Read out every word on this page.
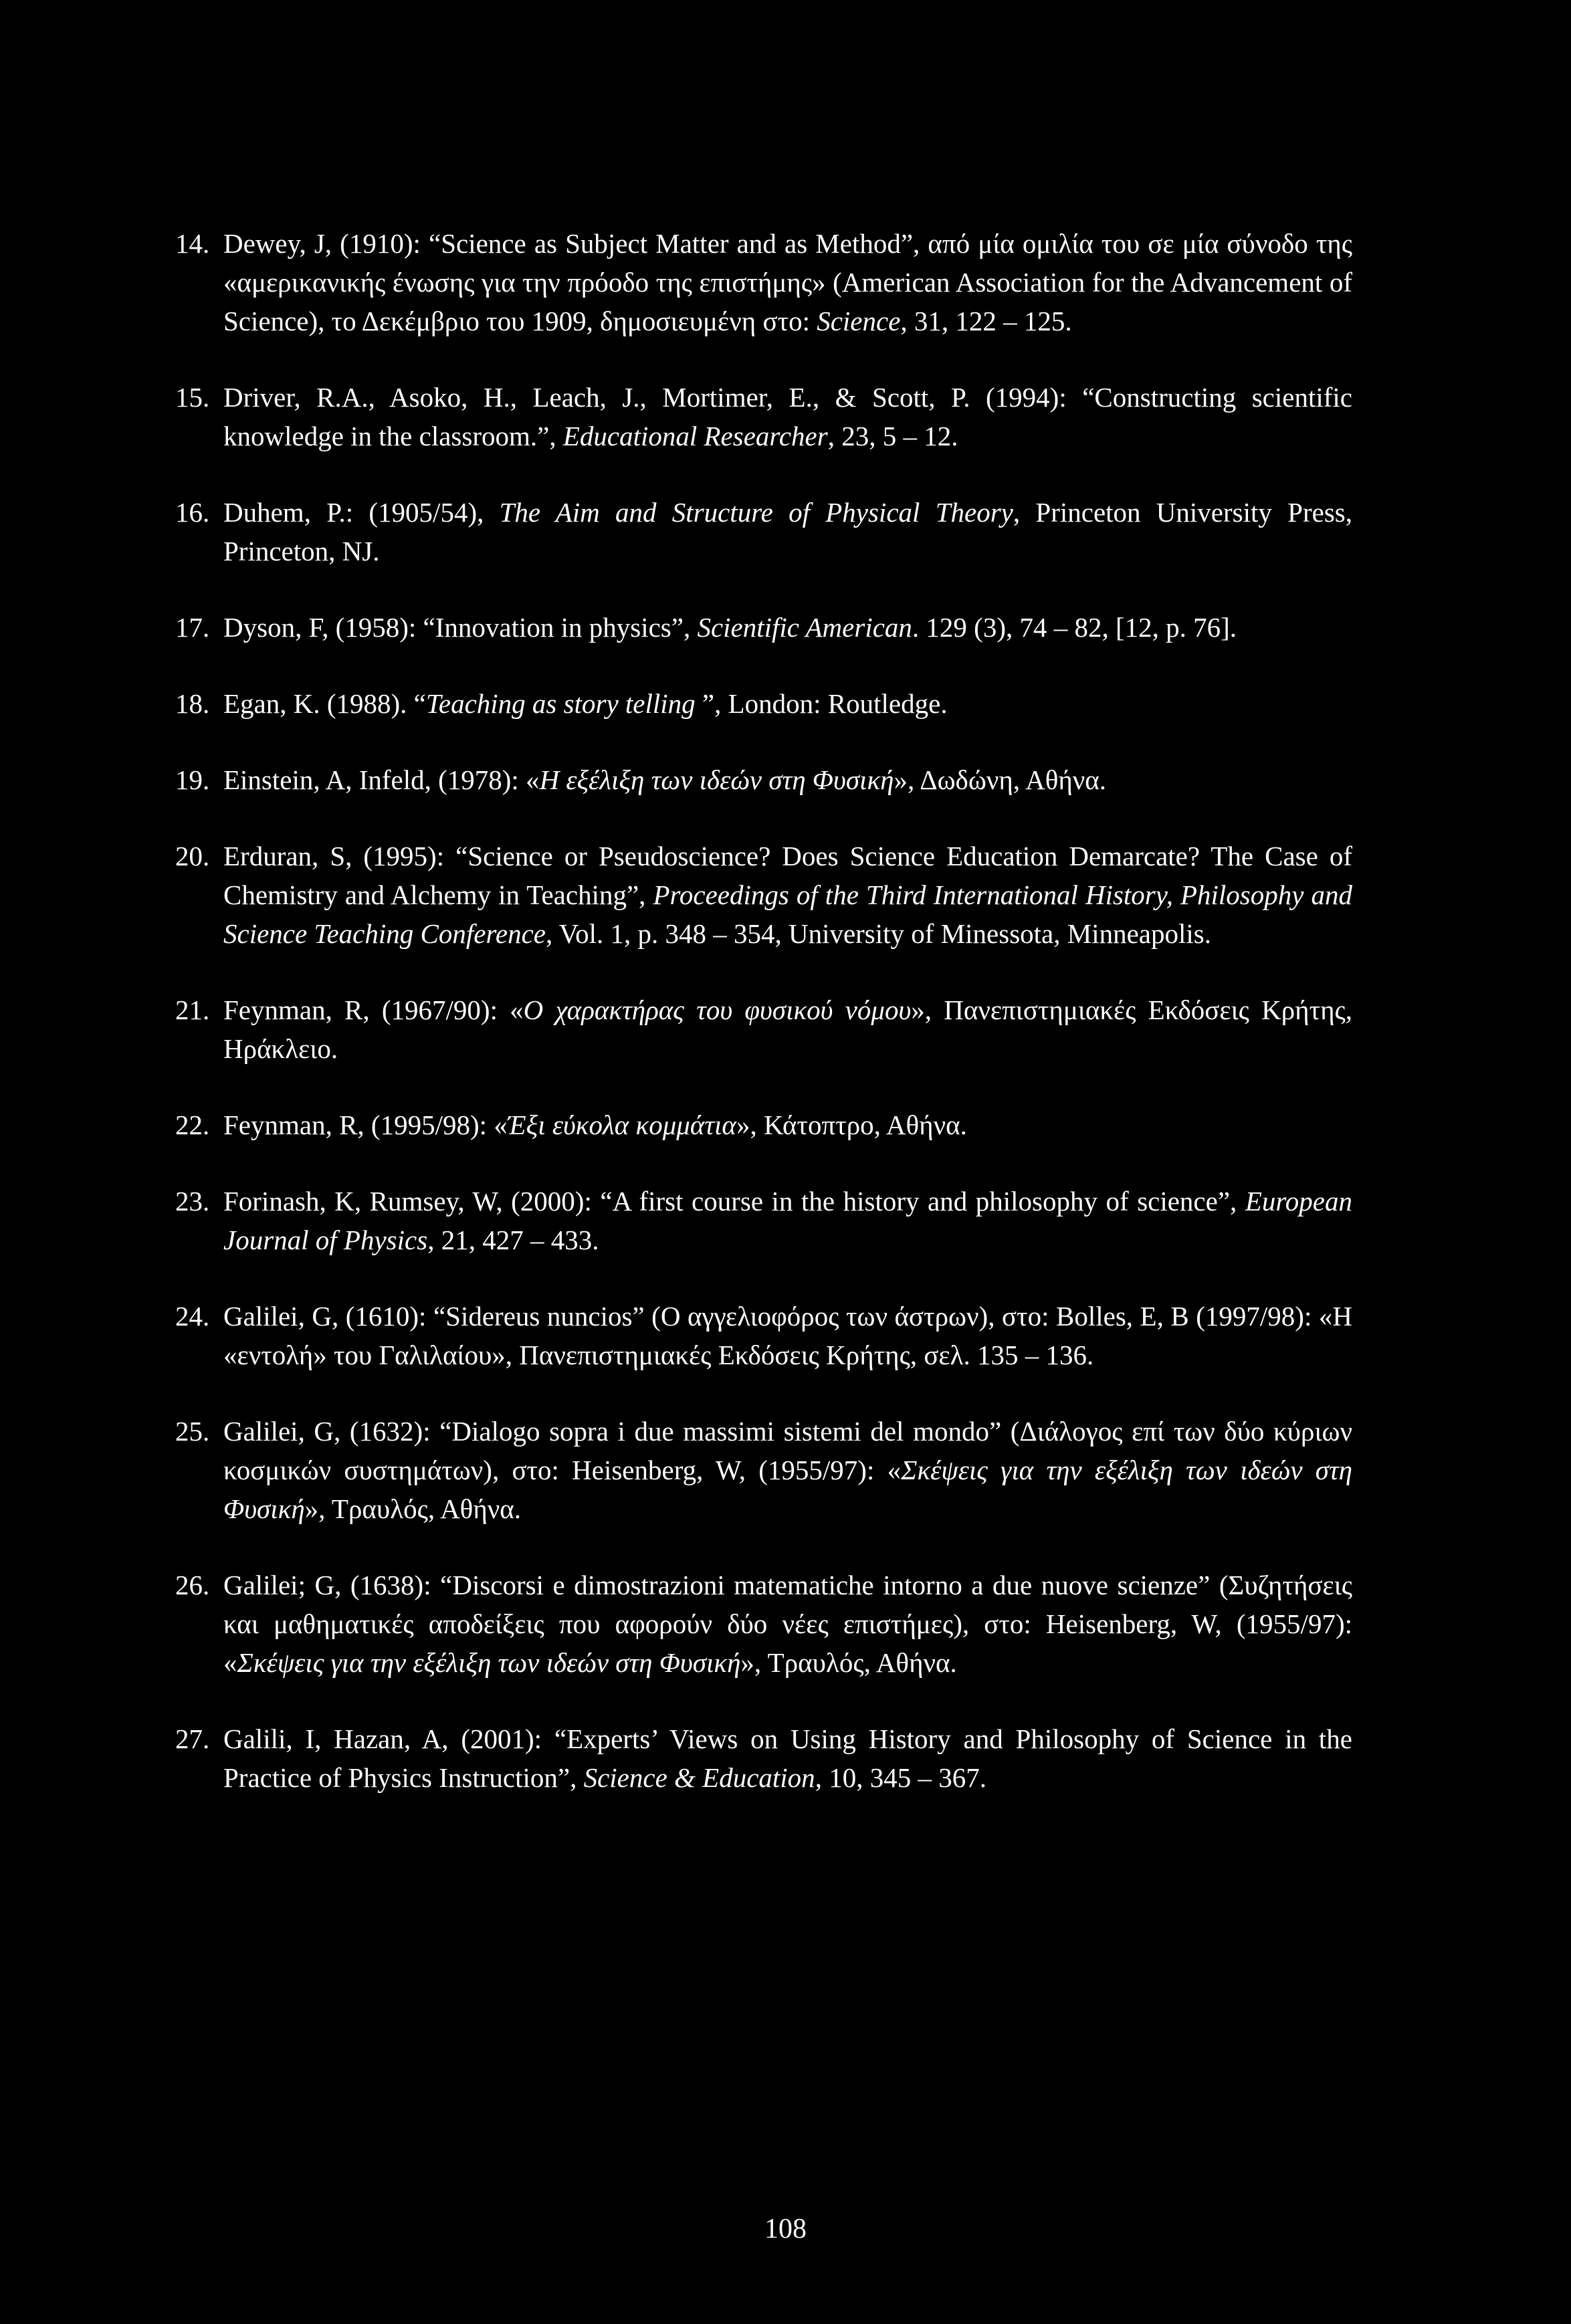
14. Dewey, J, (1910): “Science as Subject Matter and as Method”, από μία ομιλία του σε μία σύνοδο της «αμερικανικής ένωσης για την πρόοδο της επιστήμης» (American Association for the Advancement of Science), το Δεκέμβριο του 1909, δημοσιευμένη στο: Science, 31, 122 – 125.
15. Driver, R.A., Asoko, H., Leach, J., Mortimer, E., & Scott, P. (1994): “Constructing scientific knowledge in the classroom.”, Educational Researcher, 23, 5 – 12.
16. Duhem, P.: (1905/54), The Aim and Structure of Physical Theory, Princeton University Press, Princeton, NJ.
17. Dyson, F, (1958): “Innovation in physics”, Scientific American. 129 (3), 74 – 82, [12, p. 76].
18. Egan, K. (1988). “Teaching as story telling ”, London: Routledge.
19. Einstein, A, Infeld, (1978): «Η εξέλιξη των ιδεών στη Φυσική», Δωδώνη, Αθήνα.
20. Erduran, S, (1995): “Science or Pseudoscience? Does Science Education Demarcate? The Case of Chemistry and Alchemy in Teaching”, Proceedings of the Third International History, Philosophy and Science Teaching Conference, Vol. 1, p. 348 – 354, University of Minessota, Minneapolis.
21. Feynman, R, (1967/90): «Ο χαρακτήρας του φυσικού νόμου», Πανεπιστημιακές Εκδόσεις Κρήτης, Ηράκλειο.
22. Feynman, R, (1995/98): «Έξι εύκολα κομμάτια», Κάτοπτρο, Αθήνα.
23. Forinash, K, Rumsey, W, (2000): “A first course in the history and philosophy of science”, European Journal of Physics, 21, 427 – 433.
24. Galilei, G, (1610): “Sidereus nuncios” (Ο αγγελιοφόρος των άστρων), στο: Bolles, E, B (1997/98): «Η «εντολή» του Γαλιλαίου», Πανεπιστημιακές Εκδόσεις Κρήτης, σελ. 135 – 136.
25. Galilei, G, (1632): “Dialogo sopra i due massimi sistemi del mondo” (Διάλογος επί των δύο κύριων κοσμικών συστημάτων), στο: Heisenberg, W, (1955/97): «Σκέψεις για την εξέλιξη των ιδεών στη Φυσική», Τραυλός, Αθήνα.
26. Galilei; G, (1638): “Discorsi e dimostrazioni matematiche intorno a due nuove scienze” (Συζητήσεις και μαθηματικές αποδείξεις που αφορούν δύο νέες επιστήμες), στο: Heisenberg, W, (1955/97): «Σκέψεις για την εξέλιξη των ιδεών στη Φυσική», Τραυλός, Αθήνα.
27. Galili, I, Hazan, A, (2001): “Experts’ Views on Using History and Philosophy of Science in the Practice of Physics Instruction”, Science & Education, 10, 345 – 367.
108
